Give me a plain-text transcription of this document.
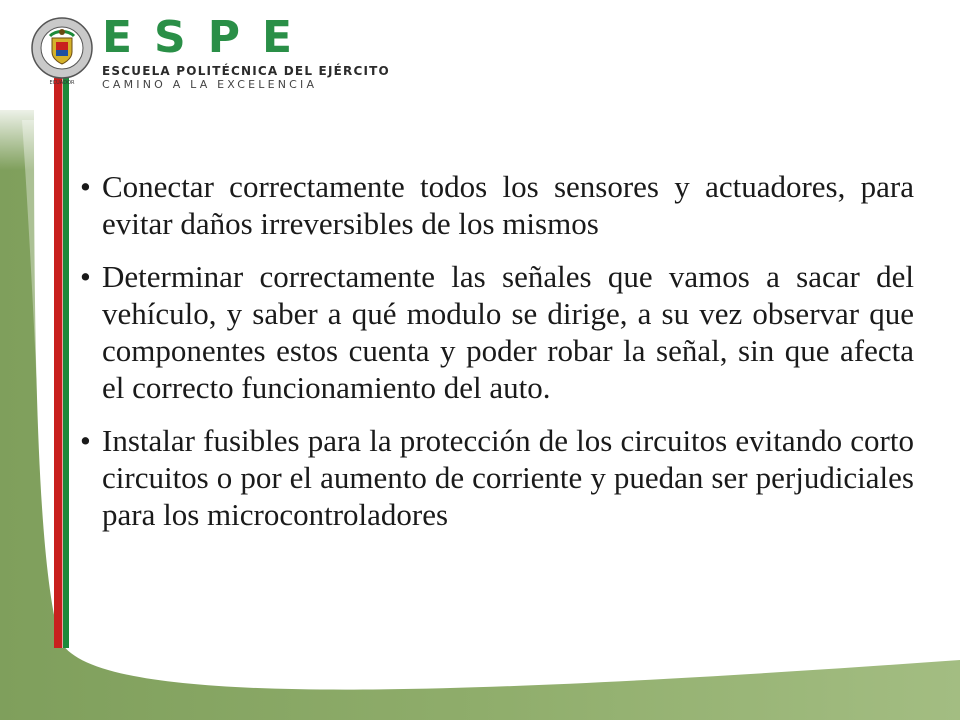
ECUADOR
ESPE
ESCUELA POLITÉCNICA DEL EJÉRCITO
CAMINO A LA EXCELENCIA
• Conectar correctamente todos los sensores y actuadores, para evitar daños irreversibles de los mismos
• Determinar correctamente las señales que vamos a sacar del vehículo, y saber a qué modulo se dirige, a su vez observar que componentes estos cuenta y poder robar la señal, sin que afecta el correcto funcionamiento del auto.
• Instalar fusibles para la protección de los circuitos evitando corto circuitos o por el aumento de corriente y puedan ser perjudiciales para los microcontroladores
